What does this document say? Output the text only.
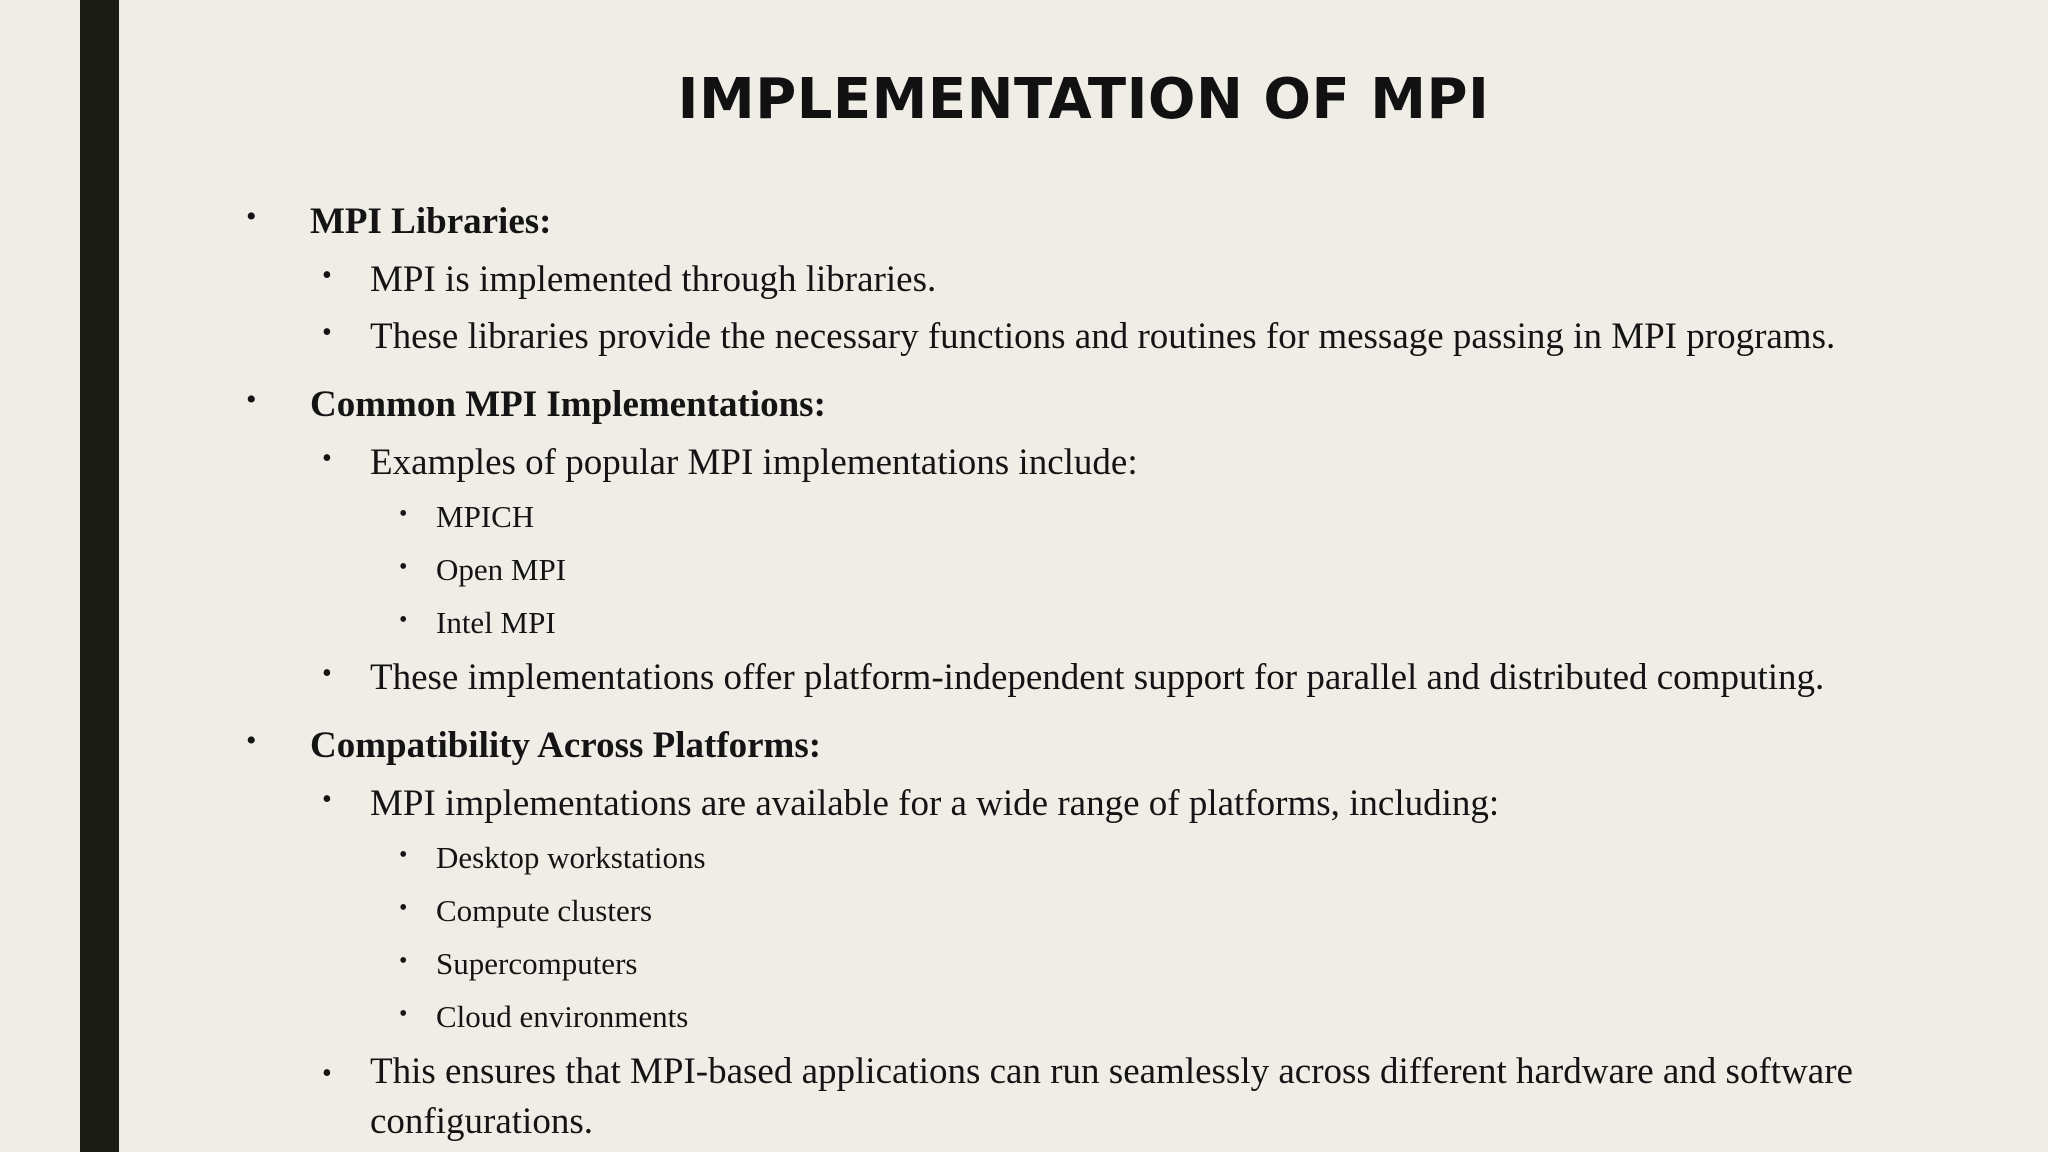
IMPLEMENTATION OF MPI
• MPI Libraries:
• MPI is implemented through libraries.
• These libraries provide the necessary functions and routines for message passing in MPI programs.
• Common MPI Implementations:
• Examples of popular MPI implementations include:
• MPICH
• Open MPI
• Intel MPI
• These implementations offer platform-independent support for parallel and distributed computing.
• Compatibility Across Platforms:
• MPI implementations are available for a wide range of platforms, including:
• Desktop workstations
• Compute clusters
• Supercomputers
• Cloud environments
• This ensures that MPI-based applications can run seamlessly across different hardware and software configurations.
